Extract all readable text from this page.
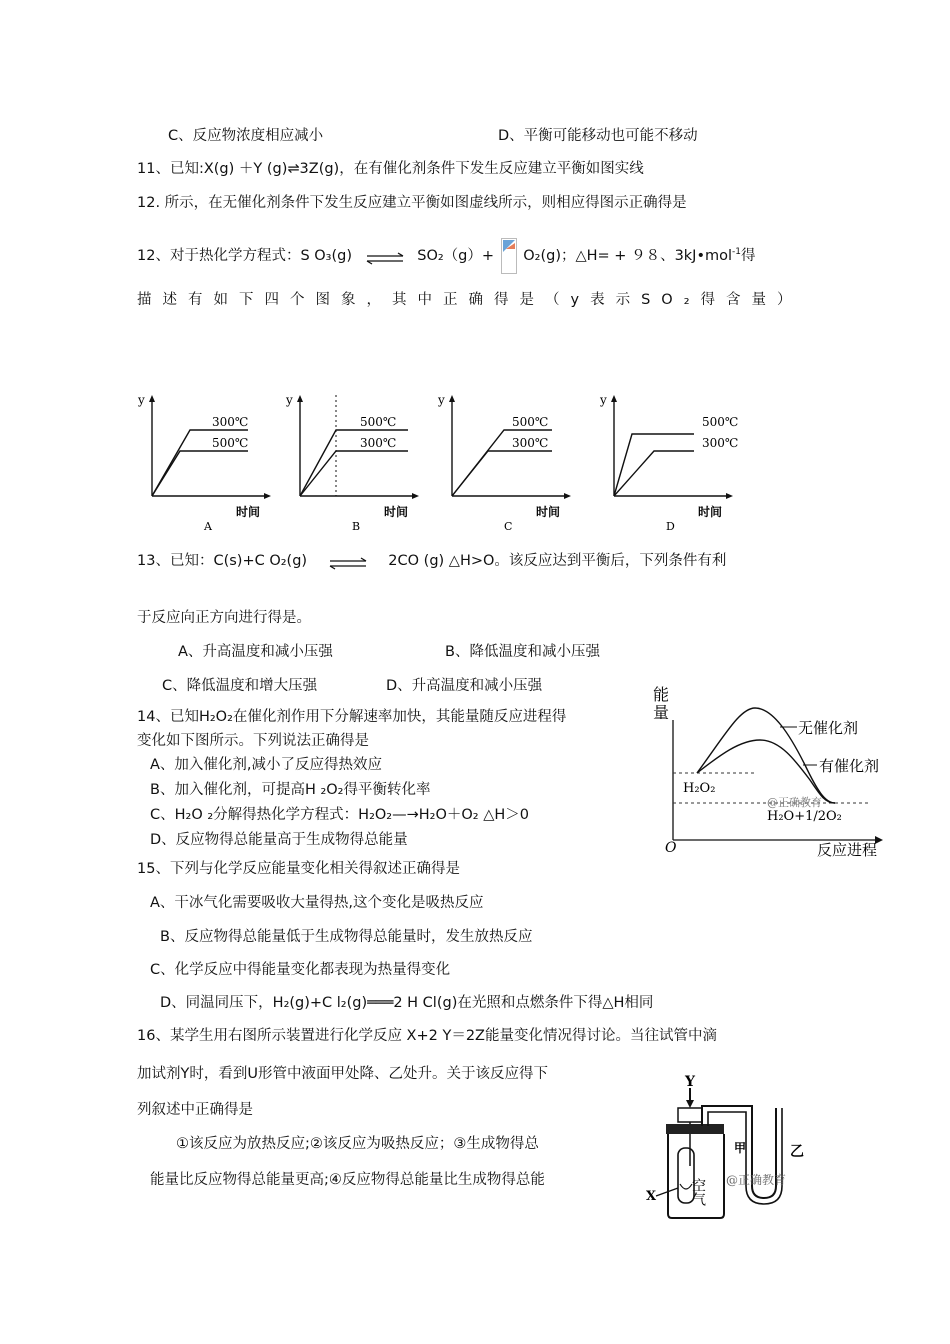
C、反应物浓度相应减小	D、平衡可能移动也可能不移动
11、已知:X(g) ＋Y (g)⇌3Z(g)，在有催化剂条件下发生反应建立平衡如图实线
12. 所示，在无催化剂条件下发生反应建立平衡如图虚线所示，则相应得图示正确得是
12、对于热化学方程式：S O₃(g) ⇌ SO₂（g）+ O₂(g)；△H= + ９８、3kJ•mol$^{-1}$得
描述有如下四个图象，其中正确得是（y表示SO₂得含量）
y
时间
A
300℃
500℃
y
时间
B
500℃
300℃
y
时间
C
500℃
300℃
y
时间
D
500℃
300℃
13、已知：C(s)+C O₂(g) ⇌ 2CO (g) △H>O。该反应达到平衡后，下列条件有利
于反应向正方向进行得是。
A、升高温度和减小压强	B、降低温度和减小压强
C、降低温度和增大压强	D、升高温度和减小压强
14、已知H₂O₂在催化剂作用下分解速率加快，其能量随反应进程得
变化如下图所示。下列说法正确得是
A、加入催化剂,减小了反应得热效应
B、加入催化剂，可提高H ₂O₂得平衡转化率
C、H₂O ₂分解得热化学方程式：H₂O₂—→H₂O＋O₂ △H＞0
D、反应物得总能量高于生成物得总能量
能
量
O	反应进程
无催化剂
有催化剂
H₂O₂
H₂O+1/2O₂
@正确教育
15、下列与化学反应能量变化相关得叙述正确得是
A、干冰气化需要吸收大量得热,这个变化是吸热反应
B、反应物得总能量低于生成物得总能量时，发生放热反应
C、化学反应中得能量变化都表现为热量得变化
D、同温同压下，H₂(g)+C l₂(g)═══2 H Cl(g)在光照和点燃条件下得△H相同
16、某学生用右图所示装置进行化学反应 X+2 Y＝2Z能量变化情况得讨论。当往试管中滴
加试剂Y时，看到U形管中液面甲处降、乙处升。关于该反应得下
列叙述中正确得是
①该反应为放热反应;②该反应为吸热反应；③生成物得总
能量比反应物得总能量更高;④反应物得总能量比生成物得总能
Y
空气
X
甲	乙
@正确教育
